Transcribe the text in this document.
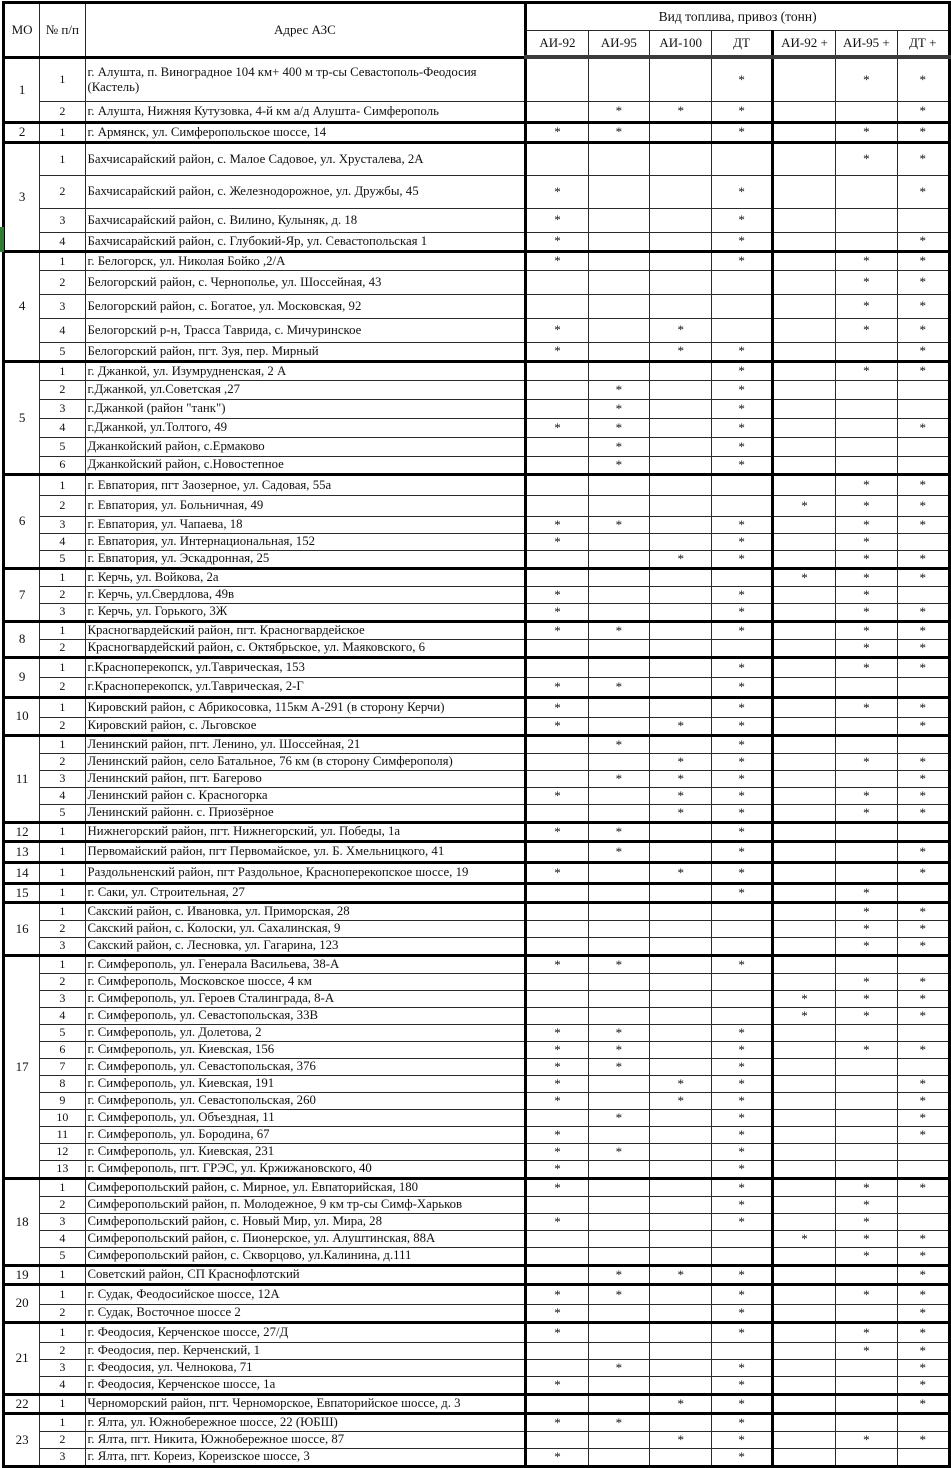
МО	№ п/п	Адрес АЗС	Вид топлива, привоз (тонн)						
			АИ-92	АИ-95	АИ-100	ДТ	АИ-92 +	АИ-95 +	ДТ +
1	1	г. Алушта, п. Виноградное 104 км+ 400 м тр-сы Севастополь-Феодосия (Кастель)				*		*	*
	2	г. Алушта, Нижняя Кутузовка, 4-й км а/д Алушта- Симферополь		*	*	*			*
2	1	г. Армянск, ул. Симферопольское шоссе, 14	*	*		*		*	*
3	1	Бахчисарайский район, с. Малое Садовое, ул. Хрусталева, 2А						*	*
	2	Бахчисарайский район, с. Железнодорожное, ул. Дружбы, 45	*			*			*
	3	Бахчисарайский район, с. Вилино, Кулыняк, д. 18	*			*			
	4	Бахчисарайский район, с. Глубокий-Яр, ул. Севастопольская 1	*			*			*
4	1	г. Белогорск, ул. Николая Бойко ,2/А	*			*		*	*
	2	Белогорский район, с. Чернополье, ул. Шоссейная, 43						*	*
	3	Белогорский район, с. Богатое, ул. Московская, 92						*	*
	4	Белогорский р-н, Трасса Таврида, с. Мичуринское	*		*			*	*
	5	Белогорский район, пгт. Зуя, пер. Мирный	*		*	*			*
5	1	г. Джанкой, ул. Изумрудненская, 2 А				*		*	*
	2	г.Джанкой, ул.Советская ,27		*		*			
	3	г.Джанкой (район "танк")		*		*			
	4	г.Джанкой, ул.Толтого, 49	*	*		*			*
	5	Джанкойский район, с.Ермаково		*		*			
	6	Джанкойский район, с.Новостепное		*		*			
6	1	г. Евпатория, пгт Заозерное, ул. Садовая, 55а						*	*
	2	г. Евпатория, ул. Больничная, 49					*	*	*
	3	г. Евпатория, ул. Чапаева, 18	*	*		*		*	*
	4	г. Евпатория, ул. Интернациональная, 152	*			*		*	
	5	г. Евпатория, ул. Эскадронная, 25			*	*		*	*
7	1	г. Керчь, ул. Войкова, 2а					*	*	*
	2	г. Керчь, ул.Свердлова, 49в	*			*		*	
	3	г. Керчь, ул. Горького, 3Ж	*			*		*	*
8	1	Красногвардейский район, пгт. Красногвардейское	*	*		*		*	*
	2	Красногвардейский район, с. Октябрьское, ул. Маяковского, 6						*	*
9	1	г.Красноперекопск, ул.Таврическая, 153				*		*	*
	2	г.Красноперекопск, ул.Таврическая, 2-Г	*	*		*			
10	1	Кировский район, с Абрикосовка, 115км А-291 (в сторону Керчи)	*			*		*	*
	2	Кировский район, с. Льговское	*		*	*			*
11	1	Ленинский район, пгт. Ленино, ул. Шоссейная, 21		*		*			
	2	Ленинский район, село Батальное, 76 км (в сторону Симферополя)			*	*		*	*
	3	Ленинский район, пгт. Багерово		*	*	*			*
	4	Ленинский район с. Красногорка	*		*	*		*	*
	5	Ленинский районн. с. Приозёрное			*	*		*	*
12	1	Нижнегорский район, пгт. Нижнегорский, ул. Победы, 1а	*	*		*			
13	1	Первомайский район, пгт Первомайское, ул. Б. Хмельницкого, 41		*		*			*
14	1	Раздольненский район, пгт Раздольное, Красноперекопское шоссе, 19	*		*	*			*
15	1	г. Саки, ул. Строительная, 27				*		*	
16	1	Сакский район, с. Ивановка, ул. Приморская, 28						*	*
	2	Сакский район, с. Колоски, ул. Сахалинская, 9						*	*
	3	Сакский район, с. Лесновка, ул. Гагарина, 123						*	*
17	1	г. Симферополь, ул. Генерала Васильева, 38-А	*	*		*			
	2	г. Симферополь, Московское шоссе, 4 км						*	*
	3	г. Симферополь, ул. Героев Сталинграда, 8-А					*	*	*
	4	г. Симферополь, ул. Севастопольская, 33В					*	*	*
	5	г. Симферополь, ул. Долетова, 2	*	*		*			
	6	г. Симферополь, ул. Киевская, 156	*	*		*		*	*
	7	г. Симферополь, ул. Севастопольская, 376	*	*		*			
	8	г. Симферополь, ул. Киевская, 191	*		*	*			*
	9	г. Симферополь, ул. Севастопольская, 260	*		*	*			*
	10	г. Симферополь, ул. Объездная, 11		*		*			*
	11	г. Симферополь, ул. Бородина, 67	*			*			*
	12	г. Симферополь, ул. Киевская, 231	*	*		*			
	13	г. Симферополь, пгт. ГРЭС, ул. Кржижановского, 40	*			*			
18	1	Симферопольский район, с. Мирное, ул. Евпаторийская, 180	*			*		*	*
	2	Симферопольский район, п. Молодежное, 9 км тр-сы Симф-Харьков				*		*	
	3	Симферопольский район, с. Новый Мир, ул. Мира, 28	*			*		*	
	4	Симферопольский район, с. Пионерское, ул. Алуштинская, 88А					*	*	*
	5	Симферопольский район, с. Скворцово, ул.Калинина, д.111						*	*
19	1	Советский район, СП Краснофлотский		*	*	*			*
20	1	г. Судак, Феодосийское шоссе, 12А	*	*		*		*	*
	2	г. Судак, Восточное шоссе 2	*			*			*
21	1	г. Феодосия, Керченское шоссе, 27/Д	*			*		*	*
	2	г. Феодосия, пер. Керченский, 1						*	*
	3	г. Феодосия, ул. Челнокова, 71		*		*			*
	4	г. Феодосия, Керченское шоссе, 1а	*			*			*
22	1	Черноморский район, пгт. Черноморское, Евпаторийское шоссе, д. 3			*	*			*
23	1	г. Ялта, ул. Южнобережное шоссе, 22 (ЮБШ)	*	*		*			
	2	г. Ялта, пгт. Никита, Южнобережное шоссе, 87			*	*		*	*
	3	г. Ялта, пгт. Кореиз, Кореизское шоссе, 3	*			*			
